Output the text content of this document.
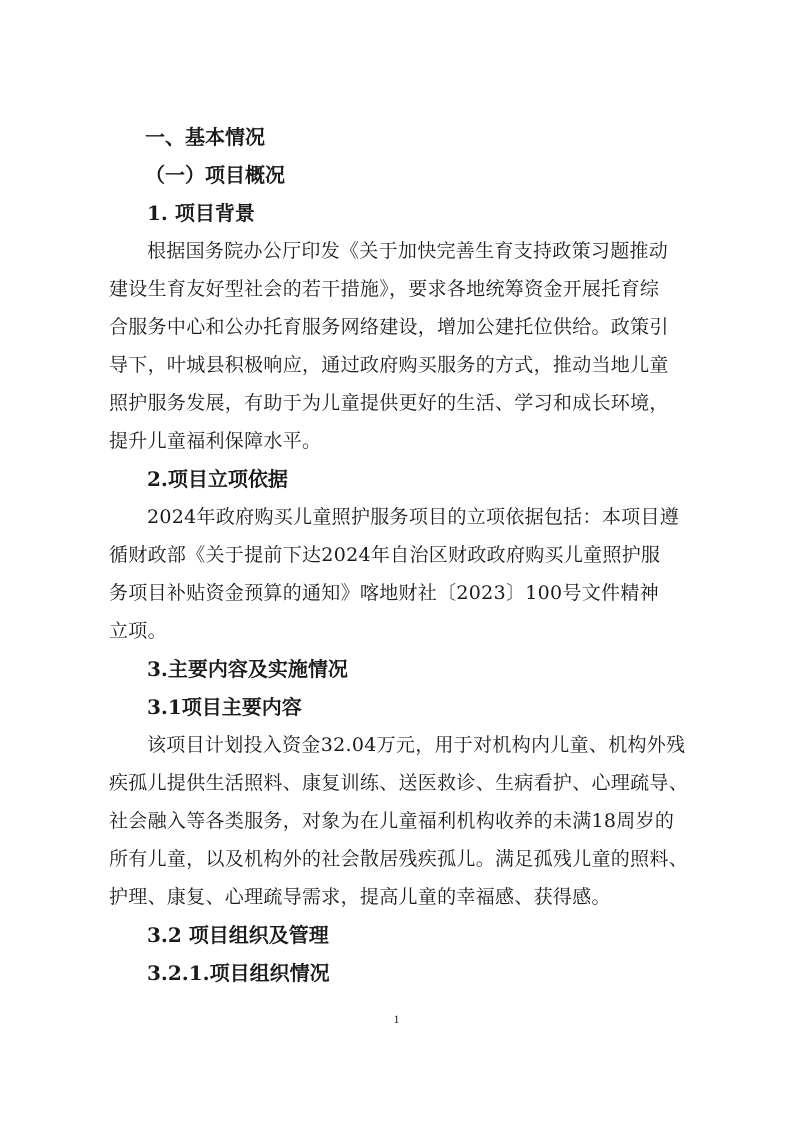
一、基本情况

（一）项目概况

1. 项目背景

根据国务院办公厅印发《关于加快完善生育支持政策习题推动
建设生育友好型社会的若干措施》，要求各地统筹资金开展托育综
合服务中心和公办托育服务网络建设，增加公建托位供给。政策引
导下，叶城县积极响应，通过政府购买服务的方式，推动当地儿童
照护服务发展，有助于为儿童提供更好的生活、学习和成长环境，
提升儿童福利保障水平。

2.项目立项依据

2024年政府购买儿童照护服务项目的立项依据包括：本项目遵
循财政部《关于提前下达2024年自治区财政政府购买儿童照护服
务项目补贴资金预算的通知》喀地财社〔2023〕100号文件精神
立项。

3.主要内容及实施情况

3.1项目主要内容

该项目计划投入资金32.04万元，用于对机构内儿童、机构外残
疾孤儿提供生活照料、康复训练、送医救诊、生病看护、心理疏导、
社会融入等各类服务，对象为在儿童福利机构收养的未满18周岁的
所有儿童，以及机构外的社会散居残疾孤儿。满足孤残儿童的照料、
护理、康复、心理疏导需求，提高儿童的幸福感、获得感。

3.2 项目组织及管理

3.2.1.项目组织情况

1
